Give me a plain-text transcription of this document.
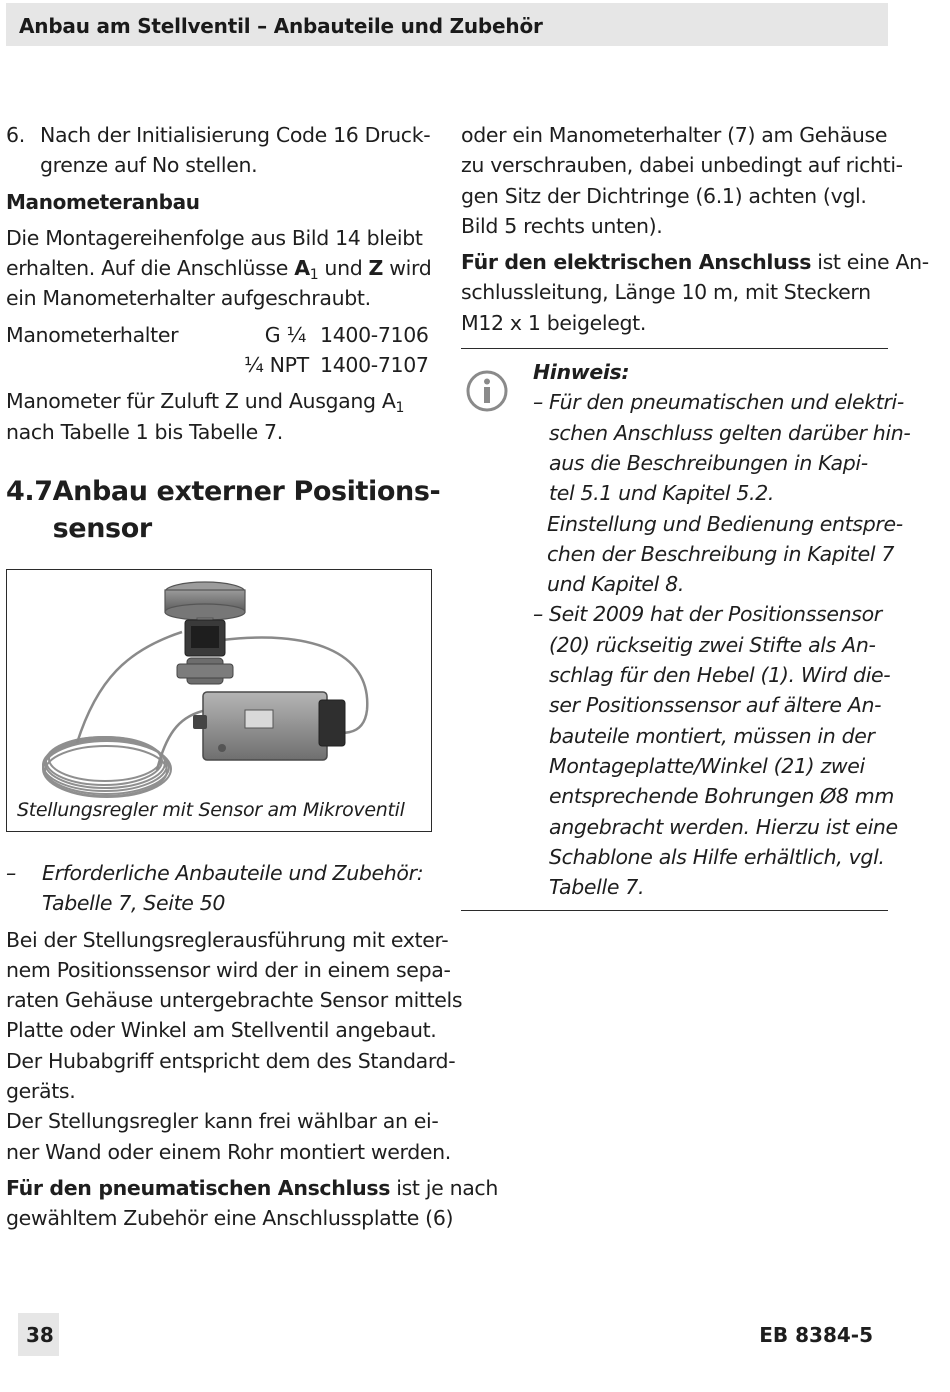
Anbau am Stellventil – Anbauteile und Zubehör
6. Nach der Initialisierung Code 16 Druck-
grenze auf No stellen.
Manometeranbau
Die Montagereihenfolge aus Bild 14 bleibt
erhalten. Auf die Anschlüsse $A_1$ und Z wird
ein Manometerhalter aufgeschraubt.
Manometerhalter	G ¼ 1400-7106
¼ NPT 1400-7107
Manometer für Zuluft Z und Ausgang $A_1$
nach Tabelle 1 bis Tabelle 7.
4.7 Anbau externer Positions-
sensor
Stellungsregler mit Sensor am Mikroventil
– Erforderliche Anbauteile und Zubehör:
Tabelle 7, Seite 50
Bei der Stellungsreglerausführung mit exter-
nem Positionssensor wird der in einem sepa-
raten Gehäuse untergebrachte Sensor mittels
Platte oder Winkel am Stellventil angebaut.
Der Hubabgriff entspricht dem des Standard-
geräts.
Der Stellungsregler kann frei wählbar an ei-
ner Wand oder einem Rohr montiert werden.
Für den pneumatischen Anschluss ist je nach
gewähltem Zubehör eine Anschlussplatte (6)
oder ein Manometerhalter (7) am Gehäuse
zu verschrauben, dabei unbedingt auf richti-
gen Sitz der Dichtringe (6.1) achten (vgl.
Bild 5 rechts unten).
Für den elektrischen Anschluss ist eine An-
schlussleitung, Länge 10 m, mit Steckern
M12 x 1 beigelegt.
Hinweis:
– Für den pneumatischen und elektri-
schen Anschluss gelten darüber hin-
aus die Beschreibungen in Kapi-
tel 5.1 und Kapitel 5.2.
Einstellung und Bedienung entspre-
chen der Beschreibung in Kapitel 7
und Kapitel 8.
– Seit 2009 hat der Positionssensor
(20) rückseitig zwei Stifte als An-
schlag für den Hebel (1). Wird die-
ser Positionssensor auf ältere An-
bauteile montiert, müssen in der
Montageplatte/Winkel (21) zwei
entsprechende Bohrungen Ø8 mm
angebracht werden. Hierzu ist eine
Schablone als Hilfe erhältlich, vgl.
Tabelle 7.
38	EB 8384-5
